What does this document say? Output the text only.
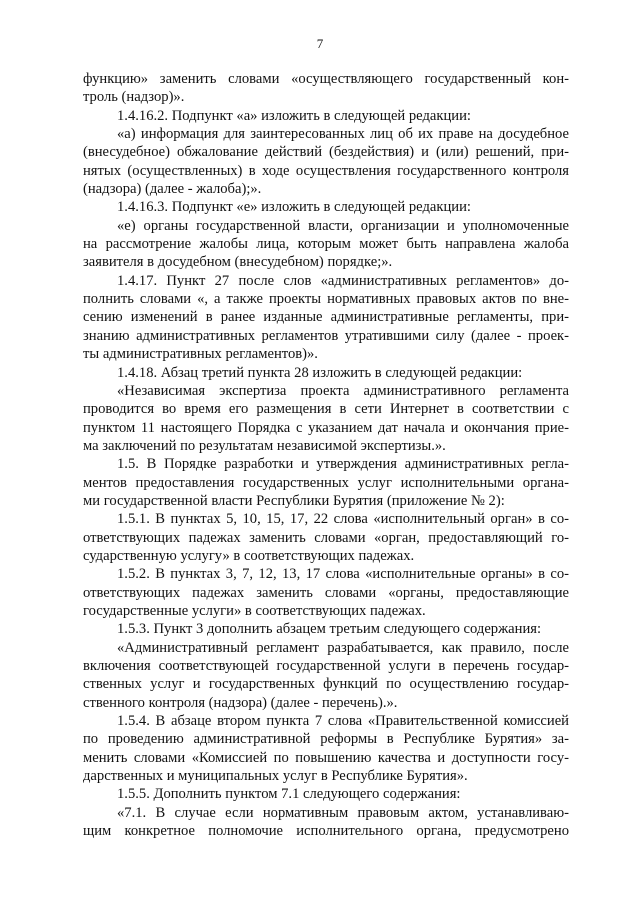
7
функцию» заменить словами «осуществляющего государственный кон-
троль (надзор)».
1.4.16.2. Подпункт «а» изложить в следующей редакции:
«а) информация для заинтересованных лиц об их праве на досудебное
(внесудебное) обжалование действий (бездействия) и (или) решений, при-
нятых (осуществленных) в ходе осуществления государственного контроля
(надзора) (далее - жалоба);».
1.4.16.3. Подпункт «е» изложить в следующей редакции:
«е) органы государственной власти, организации и уполномоченные
на рассмотрение жалобы лица, которым может быть направлена жалоба
заявителя в досудебном (внесудебном) порядке;».
1.4.17. Пункт 27 после слов «административных регламентов» до-
полнить словами «, а также проекты нормативных правовых актов по вне-
сению изменений в ранее изданные административные регламенты, при-
знанию административных регламентов утратившими силу (далее - проек-
ты административных регламентов)».
1.4.18. Абзац третий пункта 28 изложить в следующей редакции:
«Независимая экспертиза проекта административного регламента
проводится во время его размещения в сети Интернет в соответствии с
пунктом 11 настоящего Порядка с указанием дат начала и окончания прие-
ма заключений по результатам независимой экспертизы.».
1.5. В Порядке разработки и утверждения административных регла-
ментов предоставления государственных услуг исполнительными органа-
ми государственной власти Республики Бурятия (приложение № 2):
1.5.1. В пунктах 5, 10, 15, 17, 22 слова «исполнительный орган» в со-
ответствующих падежах заменить словами «орган, предоставляющий го-
сударственную услугу» в соответствующих падежах.
1.5.2. В пунктах 3, 7, 12, 13, 17 слова «исполнительные органы» в со-
ответствующих падежах заменить словами «органы, предоставляющие
государственные услуги» в соответствующих падежах.
1.5.3. Пункт 3 дополнить абзацем третьим следующего содержания:
«Административный регламент разрабатывается, как правило, после
включения соответствующей государственной услуги в перечень государ-
ственных услуг и государственных функций по осуществлению государ-
ственного контроля (надзора) (далее - перечень).».
1.5.4. В абзаце втором пункта 7 слова «Правительственной комиссией
по проведению административной реформы в Республике Бурятия» за-
менить словами «Комиссией по повышению качества и доступности госу-
дарственных и муниципальных услуг в Республике Бурятия».
1.5.5. Дополнить пунктом 7.1 следующего содержания:
«7.1. В случае если нормативным правовым актом, устанавливаю-
щим конкретное полномочие исполнительного органа, предусмотрено
